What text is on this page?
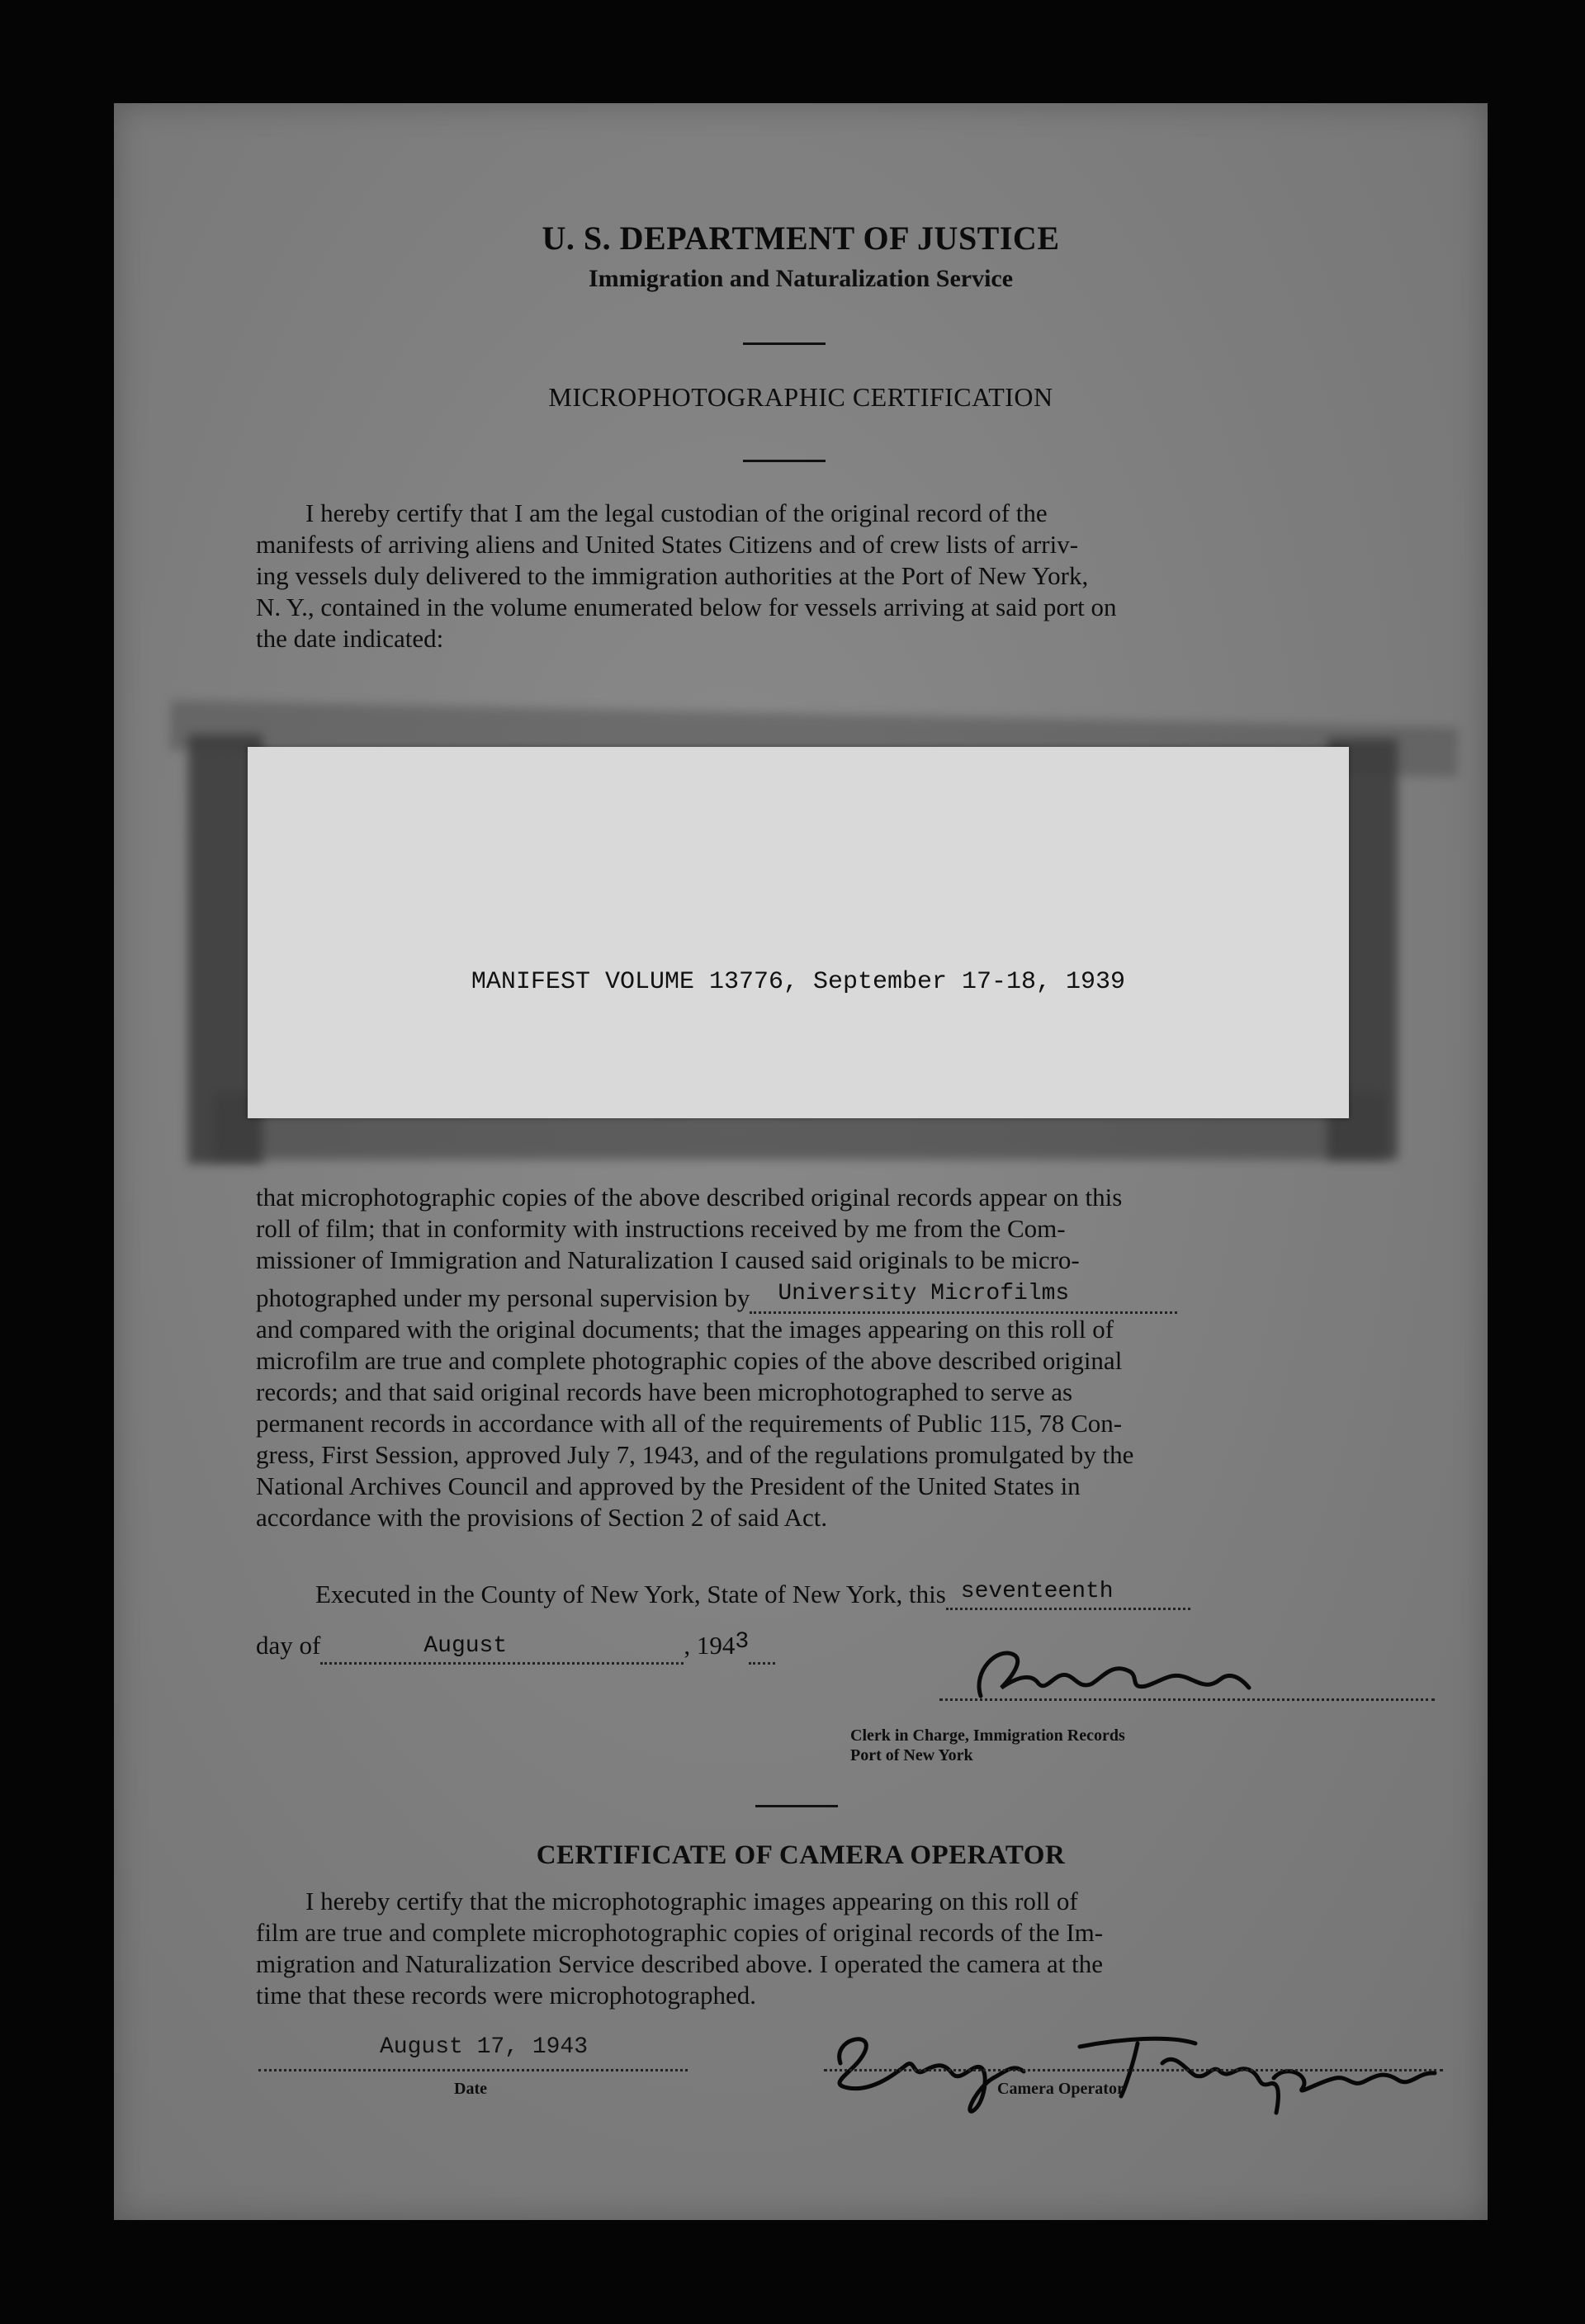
U. S. DEPARTMENT OF JUSTICE
Immigration and Naturalization Service
MICROPHOTOGRAPHIC CERTIFICATION
I hereby certify that I am the legal custodian of the original record of the
manifests of arriving aliens and United States Citizens and of crew lists of arriv-
ing vessels duly delivered to the immigration authorities at the Port of New York,
N. Y., contained in the volume enumerated below for vessels arriving at said port on
the date indicated:
MANIFEST VOLUME 13776, September 17-18, 1939
that microphotographic copies of the above described original records appear on this
roll of film; that in conformity with instructions received by me from the Com-
missioner of Immigration and Naturalization I caused said originals to be micro-
photographed under my personal supervision by University Microfilms
and compared with the original documents; that the images appearing on this roll of
microfilm are true and complete photographic copies of the above described original
records; and that said original records have been microphotographed to serve as
permanent records in accordance with all of the requirements of Public 115, 78 Con-
gress, First Session, approved July 7, 1943, and of the regulations promulgated by the
National Archives Council and approved by the President of the United States in
accordance with the provisions of Section 2 of said Act.
Executed in the County of New York, State of New York, this seventeenth
day of	August	, 1943
Clerk in Charge, Immigration Records
Port of New York
CERTIFICATE OF CAMERA OPERATOR
I hereby certify that the microphotographic images appearing on this roll of
film are true and complete microphotographic copies of original records of the Im-
migration and Naturalization Service described above. I operated the camera at the
time that these records were microphotographed.
August 17, 1943
Date	Camera Operator
